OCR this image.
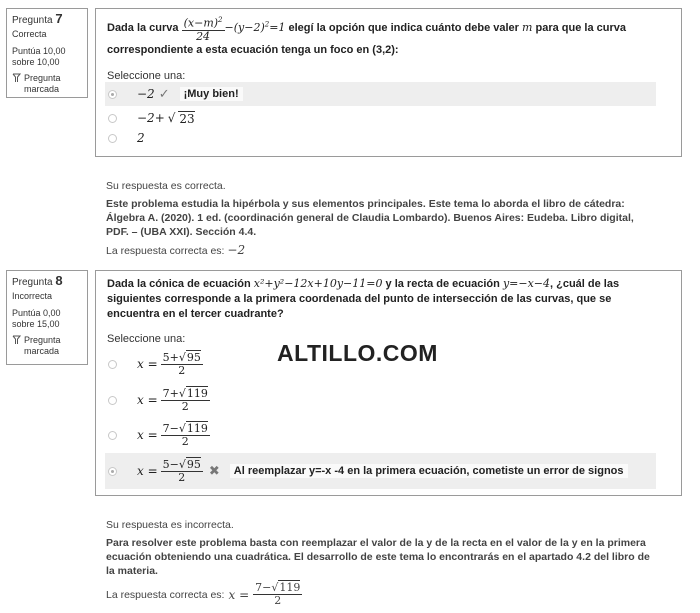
Pregunta 7
Correcta
Puntúa 10,00 sobre 10,00
Pregunta marcada
Dada la curva $\frac{(x-m)^2}{24} -(y-2)^2=1$ elegí la opción que indica cuánto debe valer m para que la curva correspondiente a esta ecuación tenga un foco en (3,2):
Seleccione una:
−2 ✓	¡Muy bien!
−2+ √ 23
2
Su respuesta es correcta.
Este problema estudia la hipérbola y sus elementos principales. Este tema lo aborda el libro de cátedra: Álgebra A. (2020). 1 ed. (coordinación general de Claudia Lombardo). Buenos Aires: Eudeba. Libro digital, PDF. – (UBA XXI). Sección 4.4.
La respuesta correcta es: −2
Pregunta 8
Incorrecta
Puntúa 0,00 sobre 15,00
Pregunta marcada
Dada la cónica de ecuación x²+y²−12x+10y−11=0 y la recta de ecuación y=−x−4, ¿cuál de las siguientes corresponde a la primera coordenada del punto de intersección de las curvas, que se encuentra en el tercer cuadrante?
Seleccione una:
$x = \frac{5+√95}{2}$
$x = \frac{7+√119}{2}$
$x = \frac{7-√119}{2}$
$x = \frac{5-√95}{2}$ ✖	Al reemplazar y=-x -4 en la primera ecuación, cometiste un error de signos
ALTILLO.COM
Su respuesta es incorrecta.
Para resolver este problema basta con reemplazar el valor de la y de la recta en el valor de la y en la primera ecuación obteniendo una cuadrática. El desarrollo de este tema lo encontrarás en el apartado 4.2 del libro de la materia.
La respuesta correcta es: $x = \frac{7-√119}{2}$
